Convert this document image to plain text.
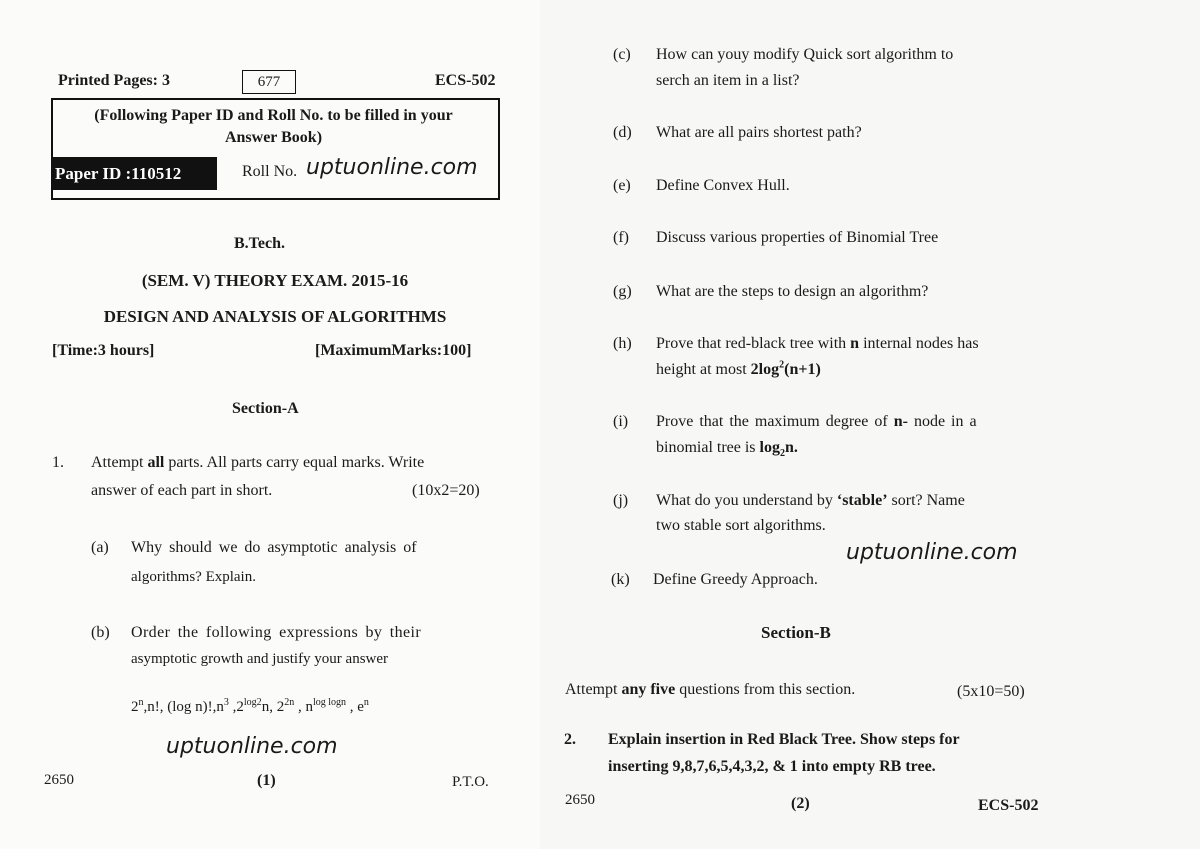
Printed Pages: 3	677	ECS-502
(Following Paper ID and Roll No. to be filled in your
Answer Book)
Paper ID :110512	Roll No. uptuonline.com
B.Tech.
(SEM. V) THEORY EXAM. 2015-16
DESIGN AND ANALYSIS OF ALGORITHMS
[Time:3 hours]	[MaximumMarks:100]
Section-A
1. Attempt all parts. All parts carry equal marks. Write
answer of each part in short.	(10x2=20)
(a) Why should we do asymptotic analysis of
algorithms? Explain.
(b) Order the following expressions by their
asymptotic growth and justify your answer
2$^n$,n!, (log $n)!,n^3$ $,2^{log2}n$, $2^{2n}$ , $n^{log logn}$ , $e^n$
uptuonline.com
2650	(1)	P.T.O.
(c) How can youy modify Quick sort algorithm to
serch an item in a list?
(d) What are all pairs shortest path?
(e) Define Convex Hull.
(f) Discuss various properties of Binomial Tree
(g) What are the steps to design an algorithm?
(h) Prove that red-black tree with n internal nodes has
height at most $2\log^2(n+1)$
(i) Prove that the maximum degree of n- node in a
binomial tree is $\log_2n$.
(j) What do you understand by ‘stable’ sort? Name
two stable sort algorithms.
uptuonline.com
(k) Define Greedy Approach.
Section-B
Attempt any five questions from this section.	(5x10=50)
2. Explain insertion in Red Black Tree. Show steps for
inserting 9,8,7,6,5,4,3,2, & 1 into empty RB tree.
2650	(2)	ECS-502
